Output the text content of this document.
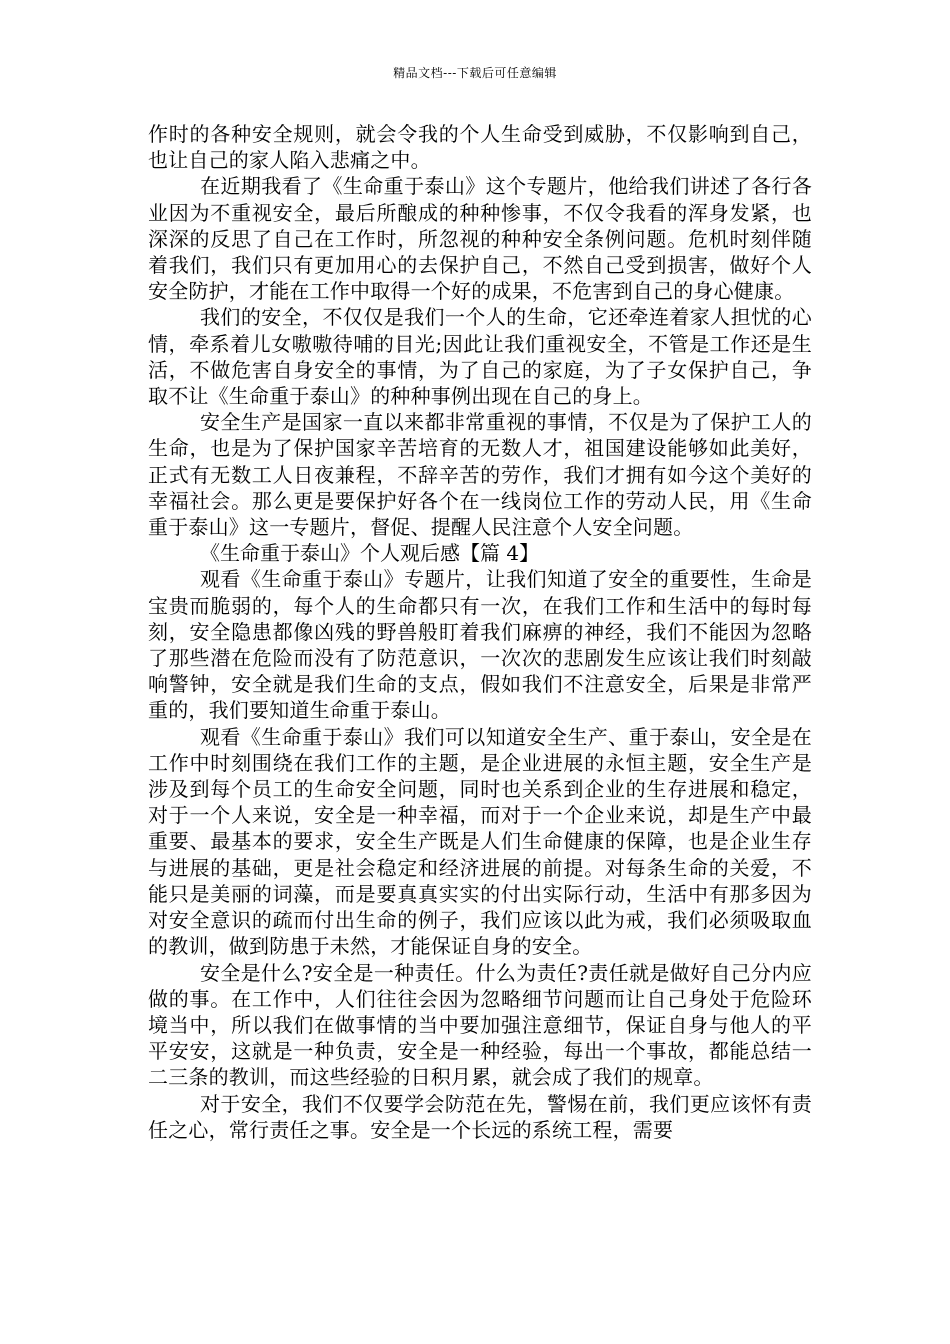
精品文档---下载后可任意编辑

作时的各种安全规则，就会令我的个人生命受到威胁，不仅影响到自己，也让自己的家人陷入悲痛之中。

在近期我看了《生命重于泰山》这个专题片，他给我们讲述了各行各业因为不重视安全，最后所酿成的种种惨事，不仅令我看的浑身发紧，也深深的反思了自己在工作时，所忽视的种种安全条例问题。危机时刻伴随着我们，我们只有更加用心的去保护自己，不然自己受到损害，做好个人安全防护，才能在工作中取得一个好的成果，不危害到自己的身心健康。

我们的安全，不仅仅是我们一个人的生命，它还牵连着家人担忧的心情，牵系着儿女嗷嗷待哺的目光;因此让我们重视安全，不管是工作还是生活，不做危害自身安全的事情，为了自己的家庭，为了子女保护自己，争取不让《生命重于泰山》的种种事例出现在自己的身上。

安全生产是国家一直以来都非常重视的事情，不仅是为了保护工人的生命，也是为了保护国家辛苦培育的无数人才，祖国建设能够如此美好，正式有无数工人日夜兼程，不辞辛苦的劳作，我们才拥有如今这个美好的幸福社会。那么更是要保护好各个在一线岗位工作的劳动人民，用《生命重于泰山》这一专题片，督促、提醒人民注意个人安全问题。

《生命重于泰山》个人观后感【篇 4】

观看《生命重于泰山》专题片，让我们知道了安全的重要性，生命是宝贵而脆弱的，每个人的生命都只有一次，在我们工作和生活中的每时每刻，安全隐患都像凶残的野兽般盯着我们麻痹的神经，我们不能因为忽略了那些潜在危险而没有了防范意识，一次次的悲剧发生应该让我们时刻敲响警钟，安全就是我们生命的支点，假如我们不注意安全，后果是非常严重的，我们要知道生命重于泰山。

观看《生命重于泰山》我们可以知道安全生产、重于泰山，安全是在工作中时刻围绕在我们工作的主题，是企业进展的永恒主题，安全生产是涉及到每个员工的生命安全问题，同时也关系到企业的生存进展和稳定，对于一个人来说，安全是一种幸福，而对于一个企业来说，却是生产中最重要、最基本的要求，安全生产既是人们生命健康的保障，也是企业生存与进展的基础，更是社会稳定和经济进展的前提。对每条生命的关爱，不能只是美丽的词藻，而是要真真实实的付出实际行动，生活中有那多因为对安全意识的疏而付出生命的例子，我们应该以此为戒，我们必须吸取血的教训，做到防患于未然，才能保证自身的安全。

安全是什么?安全是一种责任。什么为责任?责任就是做好自己分内应做的事。在工作中，人们往往会因为忽略细节问题而让自己身处于危险环境当中，所以我们在做事情的当中要加强注意细节，保证自身与他人的平平安安，这就是一种负责，安全是一种经验，每出一个事故，都能总结一二三条的教训，而这些经验的日积月累，就会成了我们的规章。

对于安全，我们不仅要学会防范在先，警惕在前，我们更应该怀有责任之心，常行责任之事。安全是一个长远的系统工程，需要
